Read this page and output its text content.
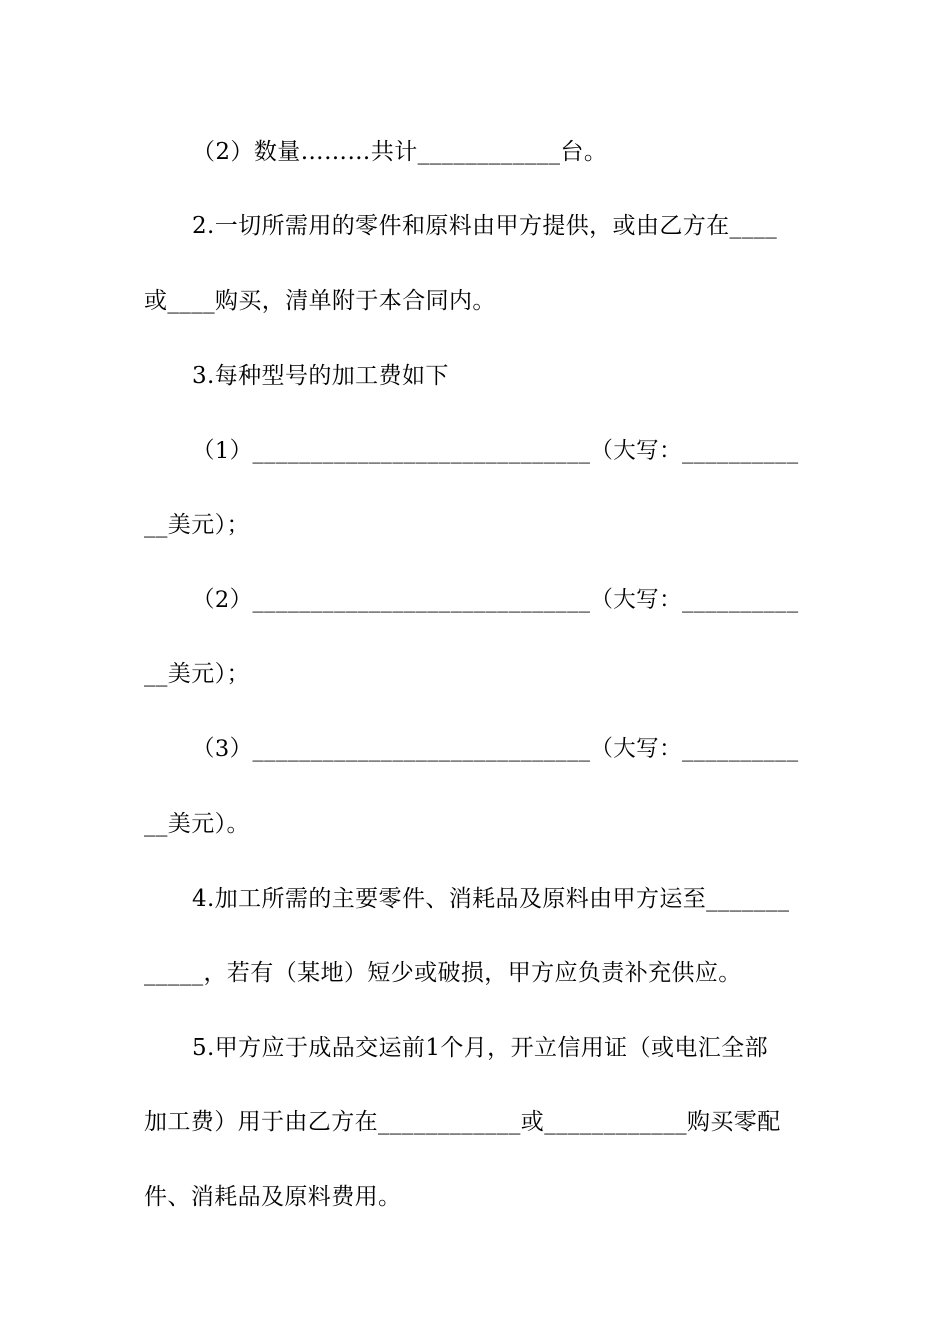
（2）数量………共计____________台。
2.一切所需用的零件和原料由甲方提供，或由乙方在____
或____购买，清单附于本合同内。
3.每种型号的加工费如下
（1）_____________________________（大写：__________
__美元）；
（2）_____________________________（大写：__________
__美元）；
（3）_____________________________（大写：__________
__美元）。
4.加工所需的主要零件、消耗品及原料由甲方运至_______
_____，若有（某地）短少或破损，甲方应负责补充供应。
5.甲方应于成品交运前1个月，开立信用证（或电汇全部
加工费）用于由乙方在____________或____________购买零配
件、消耗品及原料费用。
